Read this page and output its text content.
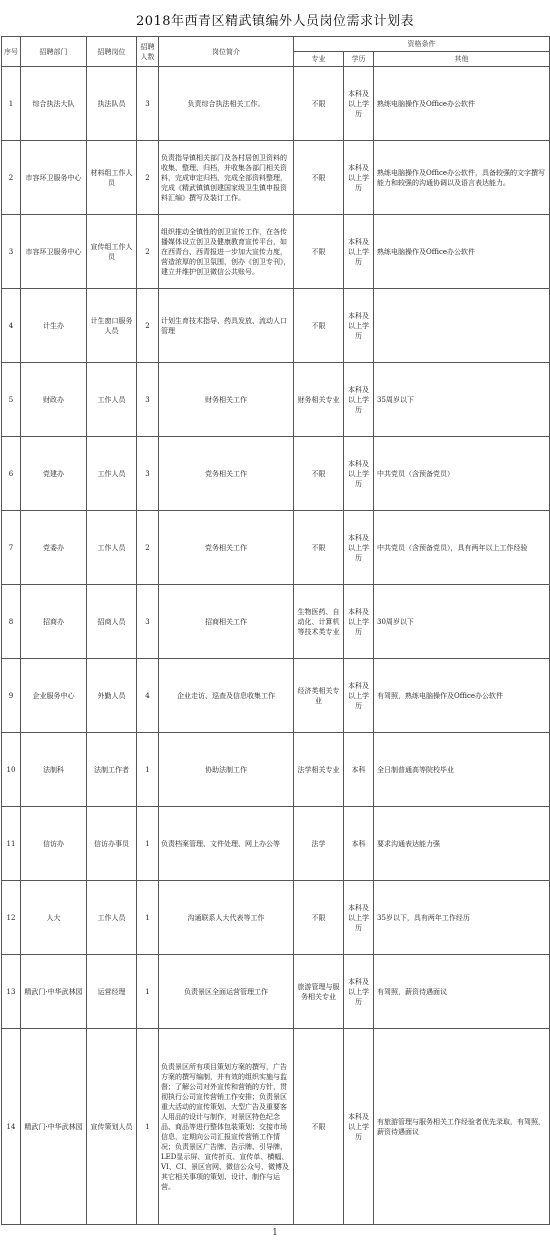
2018年西青区精武镇编外人员岗位需求计划表
序号	招聘部门	招聘岗位	招聘人数	岗位简介	资格条件		
					专业	学历	其他
1	综合执法大队	执法队员	3	负责综合执法相关工作。	不限	本科及以上学历	熟练电脑操作及Office办公软件
2	市容环卫服务中心	材料组工作人员	2	负责指导镇相关部门及各村居创卫资料的收集、整理、归档，并收集各部门相关资料，完成审定归档，完成全部资料整理，完成《精武镇镇创建国家级卫生镇申报资料汇编》撰写及装订工作。	不限	本科及以上学历	熟练电脑操作及Office办公软件，具备较强的文字撰写能力和较强的沟通协调以及语言表达能力。
3	市容环卫服务中心	宣传组工作人员	2	组织推动全镇性的创卫宣传工作，在各传播媒体设立创卫及健康教育宣传平台，如在西青台、西青报进一步加大宣传力度，营造浓厚的创卫氛围，创办《创卫专刊》，建立并维护创卫微信公共账号。	不限	本科及以上学历	熟练电脑操作及Office办公软件
4	计生办	计生窗口服务人员	2	计划生育技术指导、药具发放、流动人口管理	不限	本科及以上学历	
5	财政办	工作人员	3	财务相关工作	财务相关专业	本科及以上学历	35周岁以下
6	党建办	工作人员	3	党务相关工作	不限	本科及以上学历	中共党员（含预备党员）
7	党委办	工作人员	2	党务相关工作	不限	本科及以上学历	中共党员（含预备党员），具有两年以上工作经验
8	招商办	招商人员	3	招商相关工作	生物医药、自动化、计算机等技术类专业	本科及以上学历	30周岁以下
9	企业服务中心	外勤人员	4	企业走访、巡查及信息收集工作	经济类相关专业	本科及以上学历	有驾照，熟练电脑操作及Office办公软件
10	法制科	法制工作者	1	协助法制工作	法学相关专业	本科	全日制普通高等院校毕业
11	信访办	信访办事员	1	负责档案管理、文件处理、网上办公等	法学	本科	要求沟通表达能力强
12	人大	工作人员	1	沟通联系人大代表等工作	不限	本科及以上学历	35岁以下，具有两年工作经历
13	精武门·中华武林园	运营经理	1	负责景区全面运营管理工作	旅游管理与服务相关专业	本科及以上学历	有驾照，薪资待遇面议
14	精武门·中华武林园	宣传策划人员	1	负责景区所有项目策划方案的撰写，广告方案的撰写编制，并有效的组织实施与监督；了解公司对外宣传和营销的方针，贯彻执行公司宣传营销工作安排；负责景区重大活动的宣传策划、大型广告及重要客人用品的设计与制作，对景区特色纪念品、商品等进行整体包装策划；交接市场信息，定期向公司汇报宣传营销工作情况；负责景区广告牌、告示牌、引导牌、LED显示屏、宣传折页、宣传单、横幅、VI、CI、景区官网、微信公众号、微博及其它相关事项的策划、设计、制作与运营。	不限	本科及以上学历	有旅游管理与服务相关工作经验者优先录取，有驾照，薪资待遇面议
1
